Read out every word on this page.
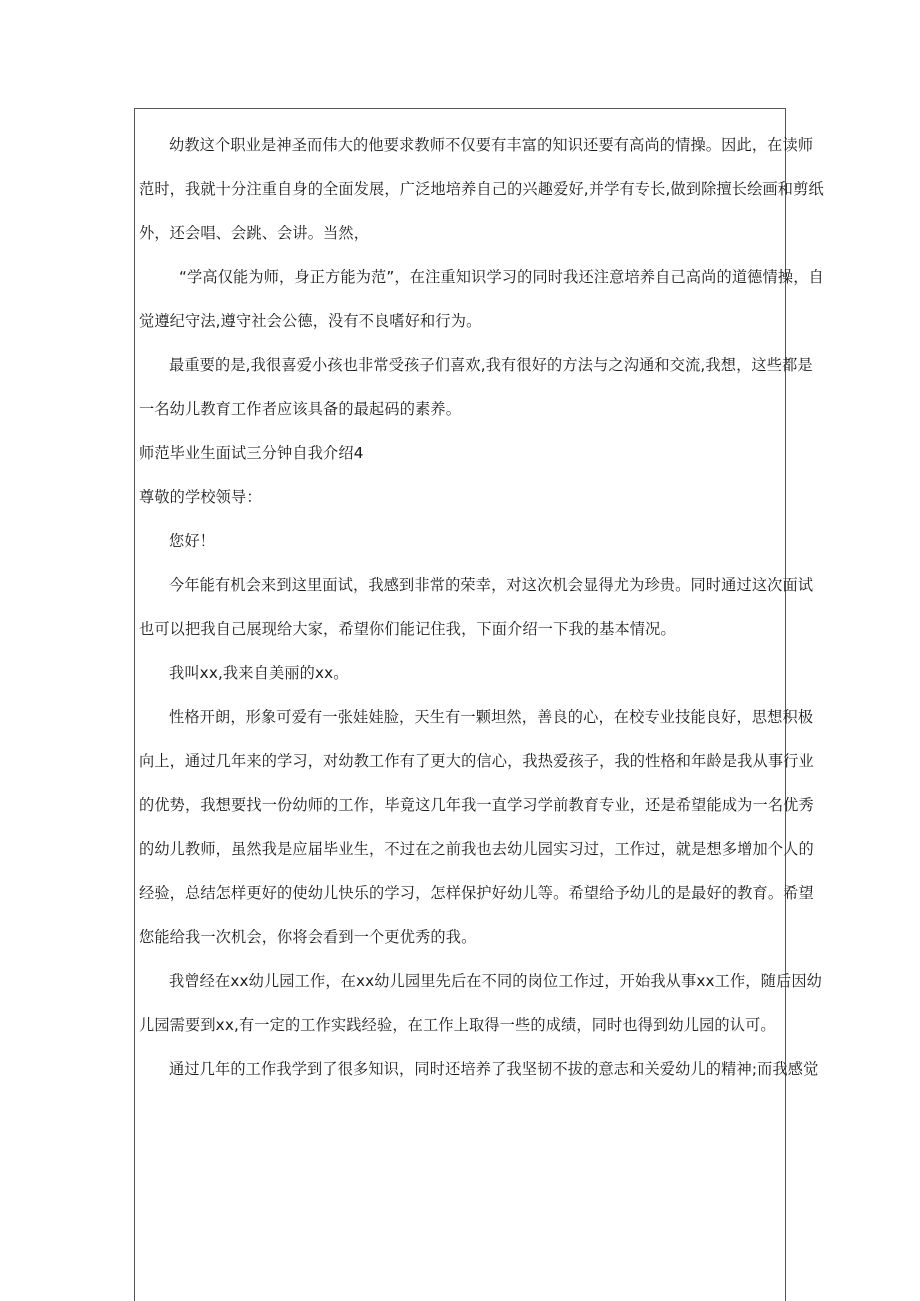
幼教这个职业是神圣而伟大的他要求教师不仅要有丰富的知识还要有高尚的情操。因此，在读师
范时，我就十分注重自身的全面发展，广泛地培养自己的兴趣爱好,并学有专长,做到除擅长绘画和剪纸
外，还会唱、会跳、会讲。当然，
“学高仅能为师，身正方能为范”，在注重知识学习的同时我还注意培养自己高尚的道德情操，自
觉遵纪守法,遵守社会公德，没有不良嗜好和行为。
最重要的是,我很喜爱小孩也非常受孩子们喜欢,我有很好的方法与之沟通和交流,我想，这些都是
一名幼儿教育工作者应该具备的最起码的素养。
师范毕业生面试三分钟自我介绍4
尊敬的学校领导：
您好！
今年能有机会来到这里面试，我感到非常的荣幸，对这次机会显得尤为珍贵。同时通过这次面试
也可以把我自己展现给大家，希望你们能记住我，下面介绍一下我的基本情况。
我叫xx,我来自美丽的xx。
性格开朗，形象可爱有一张娃娃脸，天生有一颗坦然，善良的心，在校专业技能良好，思想积极
向上，通过几年来的学习，对幼教工作有了更大的信心，我热爱孩子，我的性格和年龄是我从事行业
的优势，我想要找一份幼师的工作，毕竟这几年我一直学习学前教育专业，还是希望能成为一名优秀
的幼儿教师，虽然我是应届毕业生，不过在之前我也去幼儿园实习过，工作过，就是想多增加个人的
经验，总结怎样更好的使幼儿快乐的学习，怎样保护好幼儿等。希望给予幼儿的是最好的教育。希望
您能给我一次机会，你将会看到一个更优秀的我。
我曾经在xx幼儿园工作，在xx幼儿园里先后在不同的岗位工作过，开始我从事xx工作，随后因幼
儿园需要到xx,有一定的工作实践经验，在工作上取得一些的成绩，同时也得到幼儿园的认可。
通过几年的工作我学到了很多知识，同时还培养了我坚韧不拔的意志和关爱幼儿的精神;而我感觉
